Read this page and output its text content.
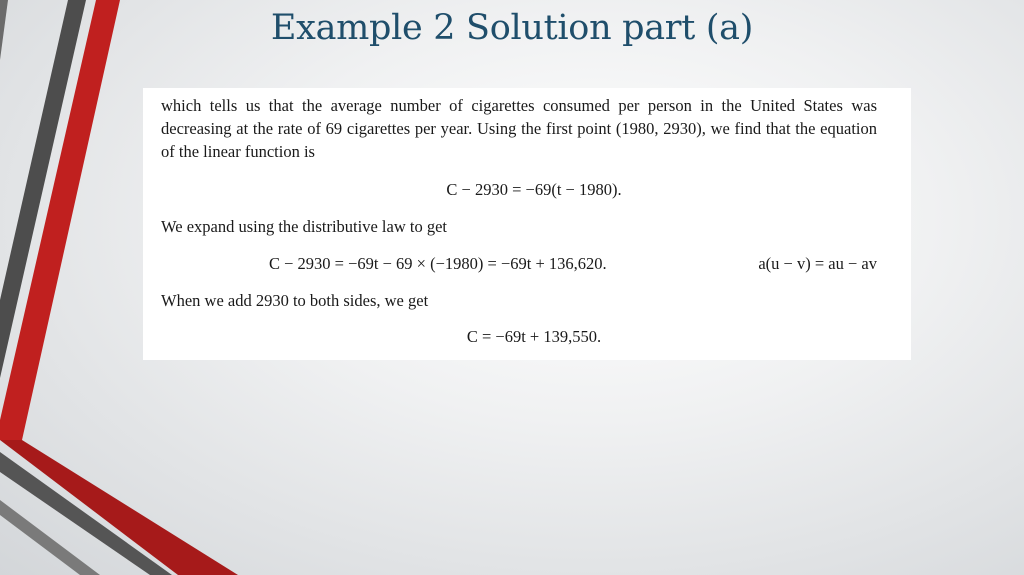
Example 2 Solution part (a)
which tells us that the average number of cigarettes consumed per person in the United States was decreasing at the rate of 69 cigarettes per year. Using the first point (1980, 2930), we find that the equation of the linear function is
C − 2930 = −69(t − 1980).
We expand using the distributive law to get
C − 2930 = −69t − 69 × (−1980) = −69t + 136,620.	a(u − v) = au − av
When we add 2930 to both sides, we get
C = −69t + 139,550.
